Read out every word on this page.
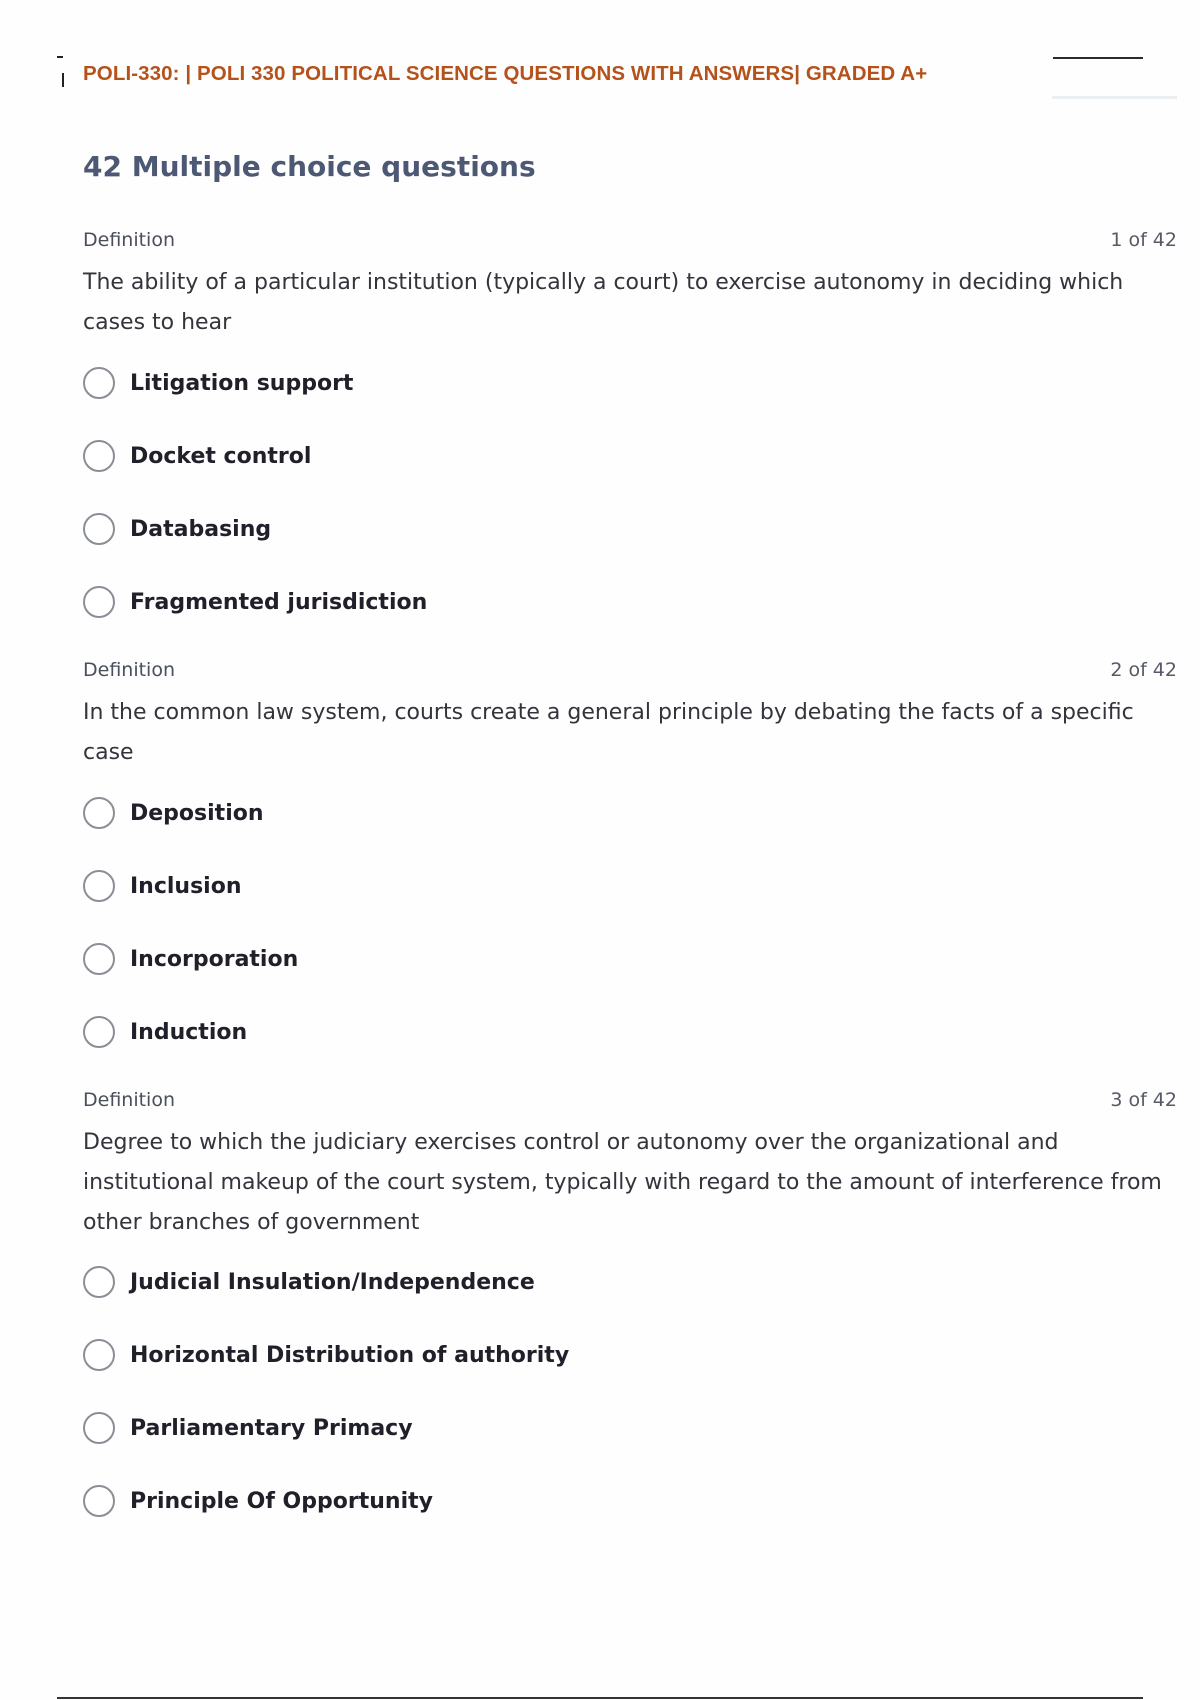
POLI-330: | POLI 330 POLITICAL SCIENCE QUESTIONS WITH ANSWERS| GRADED A+
42 Multiple choice questions
Definition	1 of 42
The ability of a particular institution (typically a court) to exercise autonomy in deciding which cases to hear
Litigation support
Docket control
Databasing
Fragmented jurisdiction
Definition	2 of 42
In the common law system, courts create a general principle by debating the facts of a specific case
Deposition
Inclusion
Incorporation
Induction
Definition	3 of 42
Degree to which the judiciary exercises control or autonomy over the organizational and institutional makeup of the court system, typically with regard to the amount of interference from other branches of government
Judicial Insulation/Independence
Horizontal Distribution of authority
Parliamentary Primacy
Principle Of Opportunity
